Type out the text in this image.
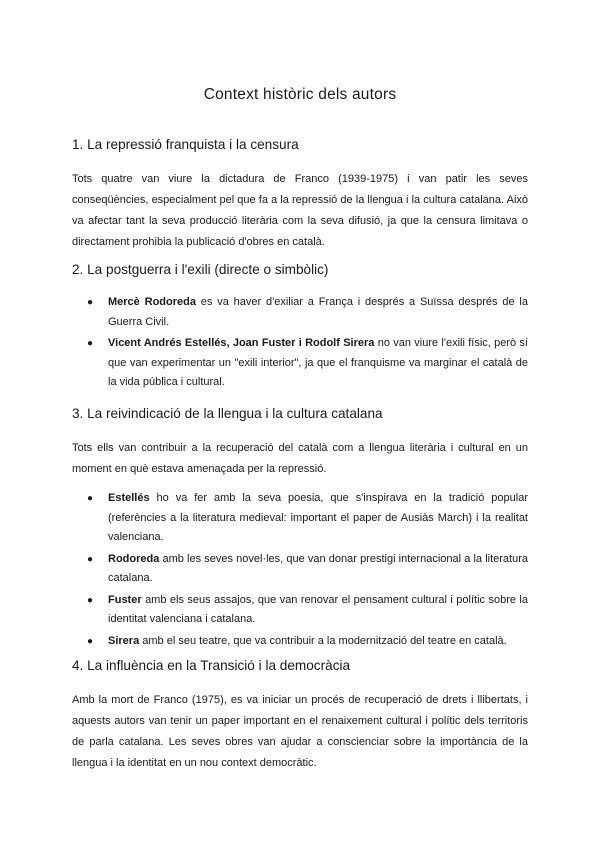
Context històric dels autors
1. La repressió franquista i la censura

Tots quatre van viure la dictadura de Franco (1939-1975) i van patir les seves conseqüències, especialment pel que fa a la repressió de la llengua i la cultura catalana. Això va afectar tant la seva producció literària com la seva difusió, ja que la censura limitava o directament prohibia la publicació d'obres en català.

2. La postguerra i l'exili (directe o simbòlic)
● Mercè Rodoreda es va haver d'exiliar a França i després a Suïssa després de la Guerra Civil.
● Vicent Andrés Estellés, Joan Fuster i Rodolf Sirera no van viure l'exili físic, però sí que van experimentar un "exili interior", ja que el franquisme va marginar el català de la vida pública i cultural.
3. La reivindicació de la llengua i la cultura catalana

Tots ells van contribuir a la recuperació del català com a llengua literària i cultural en un moment en què estava amenaçada per la repressió.

● Estellés ho va fer amb la seva poesia, que s'inspirava en la tradició popular (referències a la literatura medieval: important el paper de Ausiàs March) i la realitat valenciana.
● Rodoreda amb les seves novel·les, que van donar prestigi internacional a la literatura catalana.
● Fuster amb els seus assajos, que van renovar el pensament cultural i polític sobre la identitat valenciana i catalana.
● Sirera amb el seu teatre, que va contribuir a la modernització del teatre en català.
4. La influència en la Transició i la democràcia

Amb la mort de Franco (1975), es va iniciar un procés de recuperació de drets i llibertats, i aquests autors van tenir un paper important en el renaixement cultural i polític dels territoris de parla catalana. Les seves obres van ajudar a conscienciar sobre la importància de la llengua i la identitat en un nou context democràtic.
